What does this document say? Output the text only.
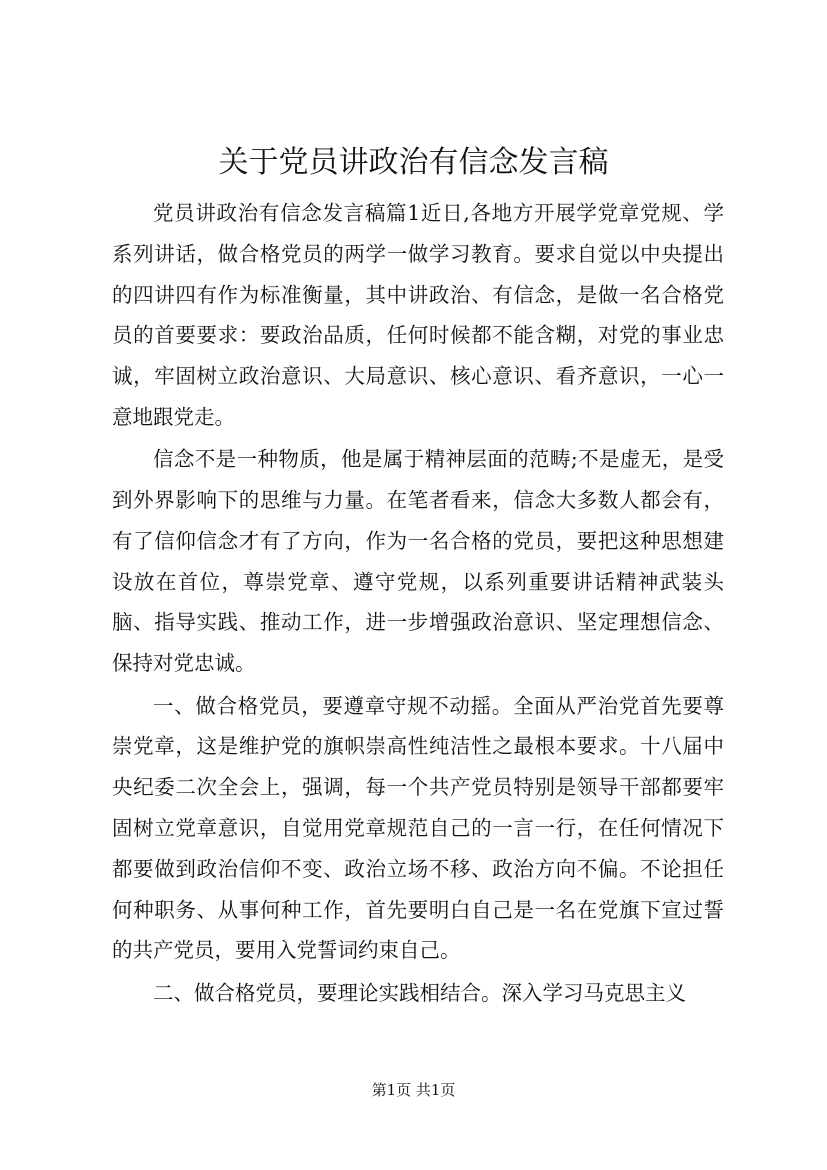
关于党员讲政治有信念发言稿

党员讲政治有信念发言稿篇1近日,各地方开展学党章党规、学系列讲话，做合格党员的两学一做学习教育。要求自觉以中央提出的四讲四有作为标准衡量，其中讲政治、有信念，是做一名合格党员的首要要求：要政治品质，任何时候都不能含糊，对党的事业忠诚，牢固树立政治意识、大局意识、核心意识、看齐意识，一心一意地跟党走。

信念不是一种物质，他是属于精神层面的范畴;不是虚无，是受到外界影响下的思维与力量。在笔者看来，信念大多数人都会有，有了信仰信念才有了方向，作为一名合格的党员，要把这种思想建设放在首位，尊崇党章、遵守党规，以系列重要讲话精神武装头脑、指导实践、推动工作，进一步增强政治意识、坚定理想信念、保持对党忠诚。

一、做合格党员，要遵章守规不动摇。全面从严治党首先要尊崇党章，这是维护党的旗帜崇高性纯洁性之最根本要求。十八届中央纪委二次全会上，强调，每一个共产党员特别是领导干部都要牢固树立党章意识，自觉用党章规范自己的一言一行，在任何情况下都要做到政治信仰不变、政治立场不移、政治方向不偏。不论担任何种职务、从事何种工作，首先要明白自己是一名在党旗下宣过誓的共产党员，要用入党誓词约束自己。

二、做合格党员，要理论实践相结合。深入学习马克思主义

第1页 共1页
